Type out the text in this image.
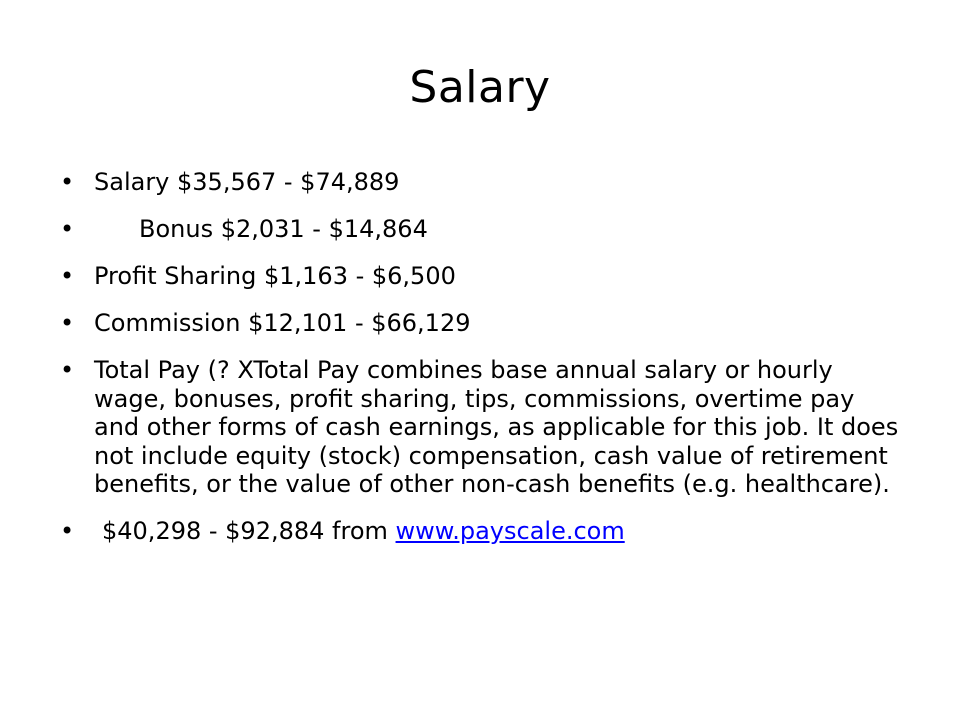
Salary
• Salary $35,567 - $74,889
•	Bonus $2,031 - $14,864
• Profit Sharing $1,163 - $6,500
• Commission $12,101 - $66,129
• Total Pay (? XTotal Pay combines base annual salary or hourly wage, bonuses, profit sharing, tips, commissions, overtime pay and other forms of cash earnings, as applicable for this job. It does not include equity (stock) compensation, cash value of retirement benefits, or the value of other non-cash benefits (e.g. healthcare).
• $40,298 - $92,884 from www.payscale.com
